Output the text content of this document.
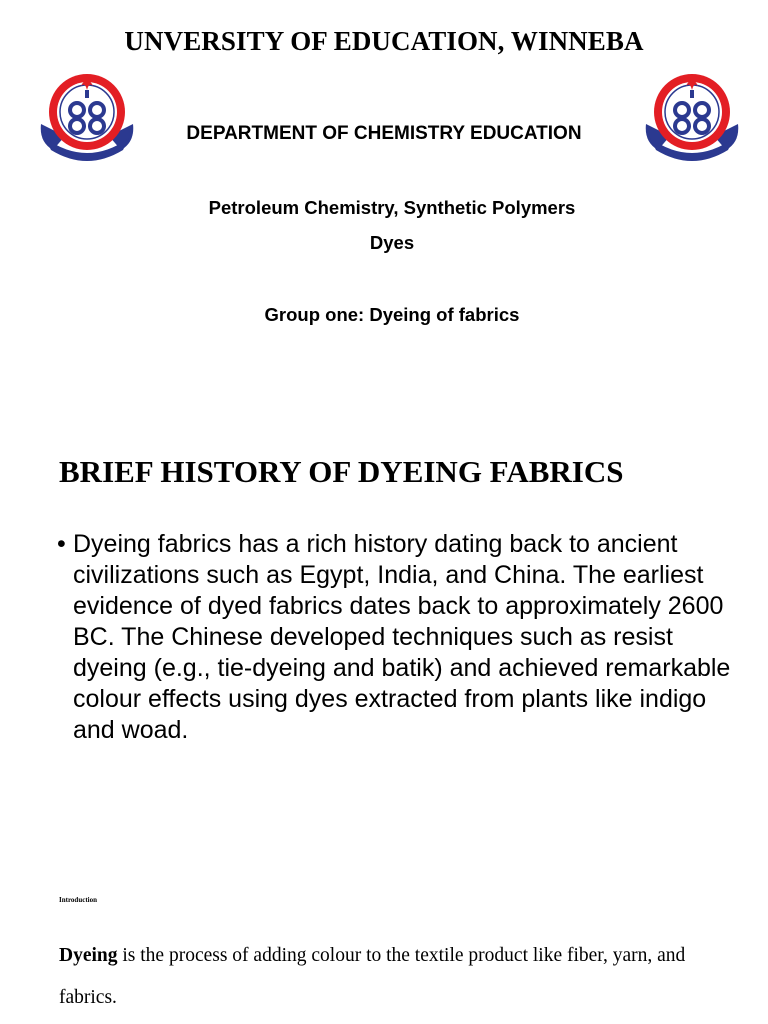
UNVERSITY OF EDUCATION, WINNEBA
DEPARTMENT OF CHEMISTRY EDUCATION
Petroleum Chemistry, Synthetic Polymers
Dyes
Group one: Dyeing of fabrics
BRIEF HISTORY OF DYEING FABRICS
• Dyeing fabrics has a rich history dating back to ancient civilizations such as Egypt, India, and China. The earliest evidence of dyed fabrics dates back to approximately 2600 BC. The Chinese developed techniques such as resist dyeing (e.g., tie-dyeing and batik) and achieved remarkable colour effects using dyes extracted from plants like indigo and woad.
Introduction
Dyeing is the process of adding colour to the textile product like fiber, yarn, and fabrics.
